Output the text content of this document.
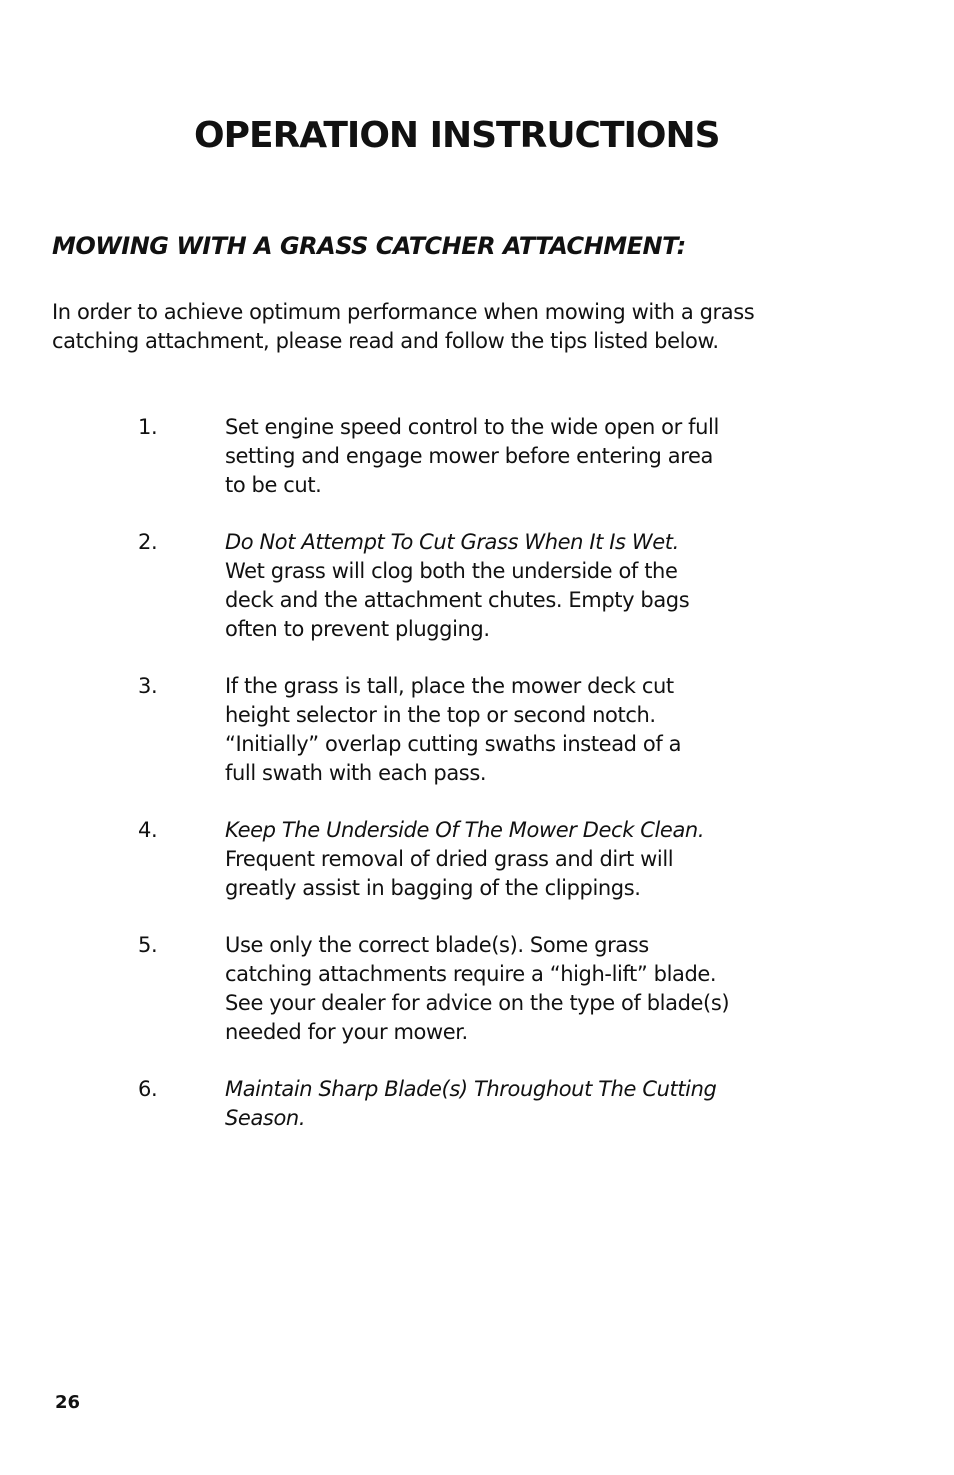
OPERATION INSTRUCTIONS
MOWING WITH A GRASS CATCHER ATTACHMENT:

In order to achieve optimum performance when mowing with a grass
catching attachment, please read and follow the tips listed below.

1.	Set engine speed control to the wide open or full
setting and engage mower before entering area
to be cut.
2.	Do Not Attempt To Cut Grass When It Is Wet.
Wet grass will clog both the underside of the
deck and the attachment chutes. Empty bags
often to prevent plugging.
3.	If the grass is tall, place the mower deck cut
height selector in the top or second notch.
“Initially” overlap cutting swaths instead of a
full swath with each pass.
4.	Keep The Underside Of The Mower Deck Clean.
Frequent removal of dried grass and dirt will
greatly assist in bagging of the clippings.
5.	Use only the correct blade(s). Some grass
catching attachments require a “high-lift” blade.
See your dealer for advice on the type of blade(s)
needed for your mower.
6.	Maintain Sharp Blade(s) Throughout The Cutting
Season.
26
